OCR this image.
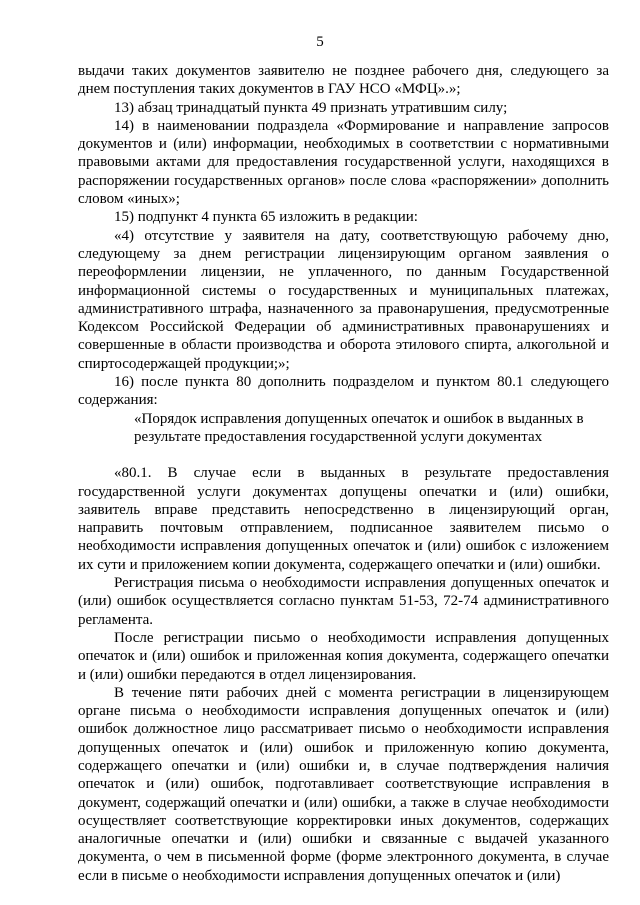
5

выдачи таких документов заявителю не позднее рабочего дня, следующего за днем поступления таких документов в ГАУ НСО «МФЦ».»;

13) абзац тринадцатый пункта 49 признать утратившим силу;

14) в наименовании подраздела «Формирование и направление запросов документов и (или) информации, необходимых в соответствии с нормативными правовыми актами для предоставления государственной услуги, находящихся в распоряжении государственных органов» после слова «распоряжении» дополнить словом «иных»;

15) подпункт 4 пункта 65 изложить в редакции:

«4) отсутствие у заявителя на дату, соответствующую рабочему дню, следующему за днем регистрации лицензирующим органом заявления о переоформлении лицензии, не уплаченного, по данным Государственной информационной системы о государственных и муниципальных платежах, административного штрафа, назначенного за правонарушения, предусмотренные Кодексом Российской Федерации об административных правонарушениях и совершенные в области производства и оборота этилового спирта, алкогольной и спиртосодержащей продукции;»;

16) после пункта 80 дополнить подразделом и пунктом 80.1 следующего содержания:

«Порядок исправления допущенных опечаток и ошибок в выданных в результате предоставления государственной услуги документах

«80.1. В случае если в выданных в результате предоставления государственной услуги документах допущены опечатки и (или) ошибки, заявитель вправе представить непосредственно в лицензирующий орган, направить почтовым отправлением, подписанное заявителем письмо о необходимости исправления допущенных опечаток и (или) ошибок с изложением их сути и приложением копии документа, содержащего опечатки и (или) ошибки.

Регистрация письма о необходимости исправления допущенных опечаток и (или) ошибок осуществляется согласно пунктам 51-53, 72-74 административного регламента.

После регистрации письмо о необходимости исправления допущенных опечаток и (или) ошибок и приложенная копия документа, содержащего опечатки и (или) ошибки передаются в отдел лицензирования.

В течение пяти рабочих дней с момента регистрации в лицензирующем органе письма о необходимости исправления допущенных опечаток и (или) ошибок должностное лицо рассматривает письмо о необходимости исправления допущенных опечаток и (или) ошибок и приложенную копию документа, содержащего опечатки и (или) ошибки и, в случае подтверждения наличия опечаток и (или) ошибок, подготавливает соответствующие исправления в документ, содержащий опечатки и (или) ошибки, а также в случае необходимости осуществляет соответствующие корректировки иных документов, содержащих аналогичные опечатки и (или) ошибки и связанные с выдачей указанного документа, о чем в письменной форме (форме электронного документа, в случае если в письме о необходимости исправления допущенных опечаток и (или)
